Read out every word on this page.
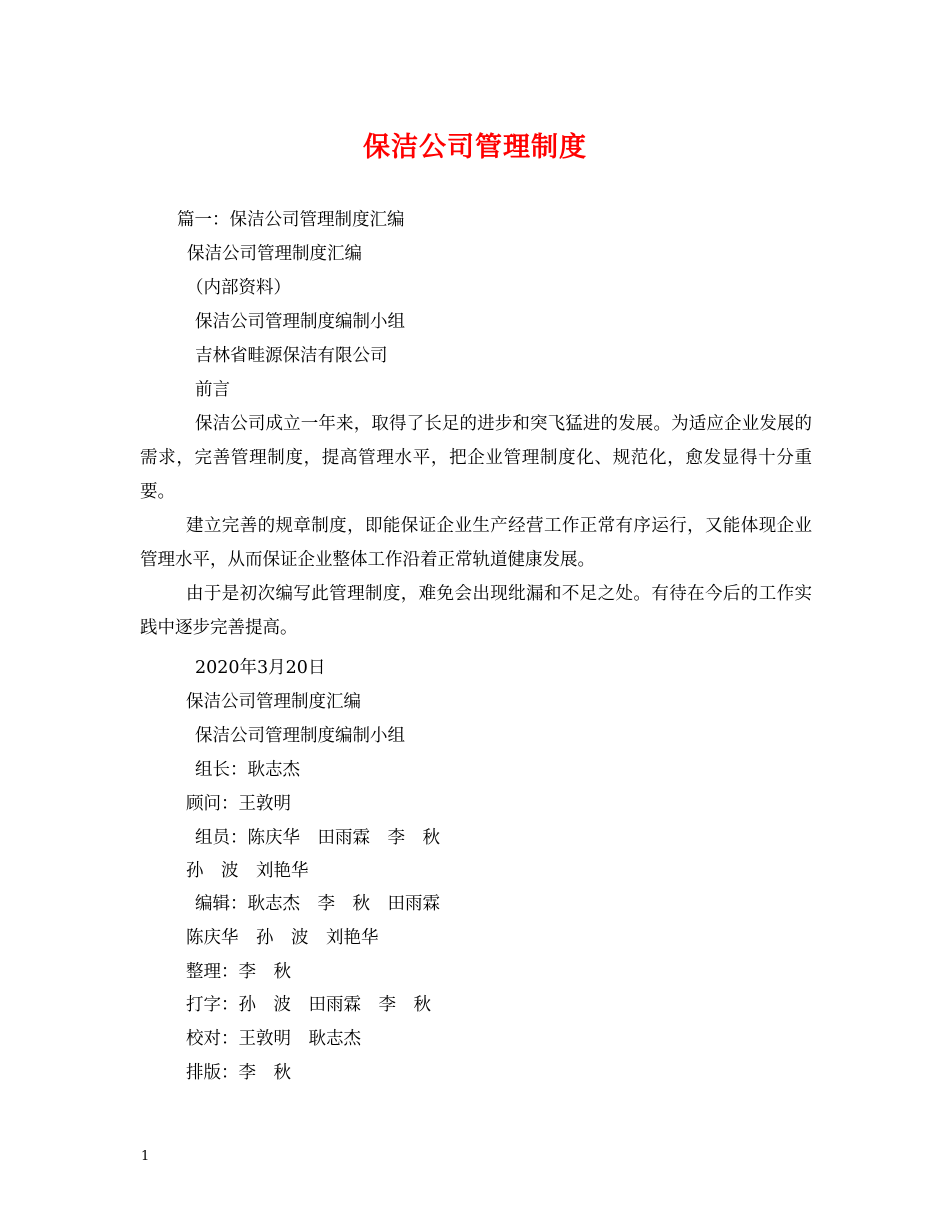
保洁公司管理制度
篇一：保洁公司管理制度汇编
保洁公司管理制度汇编
（内部资料）
保洁公司管理制度编制小组
吉林省畦源保洁有限公司
前言
保洁公司成立一年来，取得了长足的进步和突飞猛进的发展。为适应企业发展的需求，完善管理制度，提高管理水平，把企业管理制度化、规范化，愈发显得十分重要。
建立完善的规章制度，即能保证企业生产经营工作正常有序运行，又能体现企业管理水平，从而保证企业整体工作沿着正常轨道健康发展。
由于是初次编写此管理制度，难免会出现纰漏和不足之处。有待在今后的工作实践中逐步完善提高。
2020年3月20日
保洁公司管理制度汇编
保洁公司管理制度编制小组
组长：耿志杰
顾问：王敦明
组员：陈庆华　田雨霖　李　秋
孙　波　刘艳华
编辑：耿志杰　李　秋　田雨霖
陈庆华　孙　波　刘艳华
整理：李　秋
打字：孙　波　田雨霖　李　秋
校对：王敦明　耿志杰
排版：李　秋
1
